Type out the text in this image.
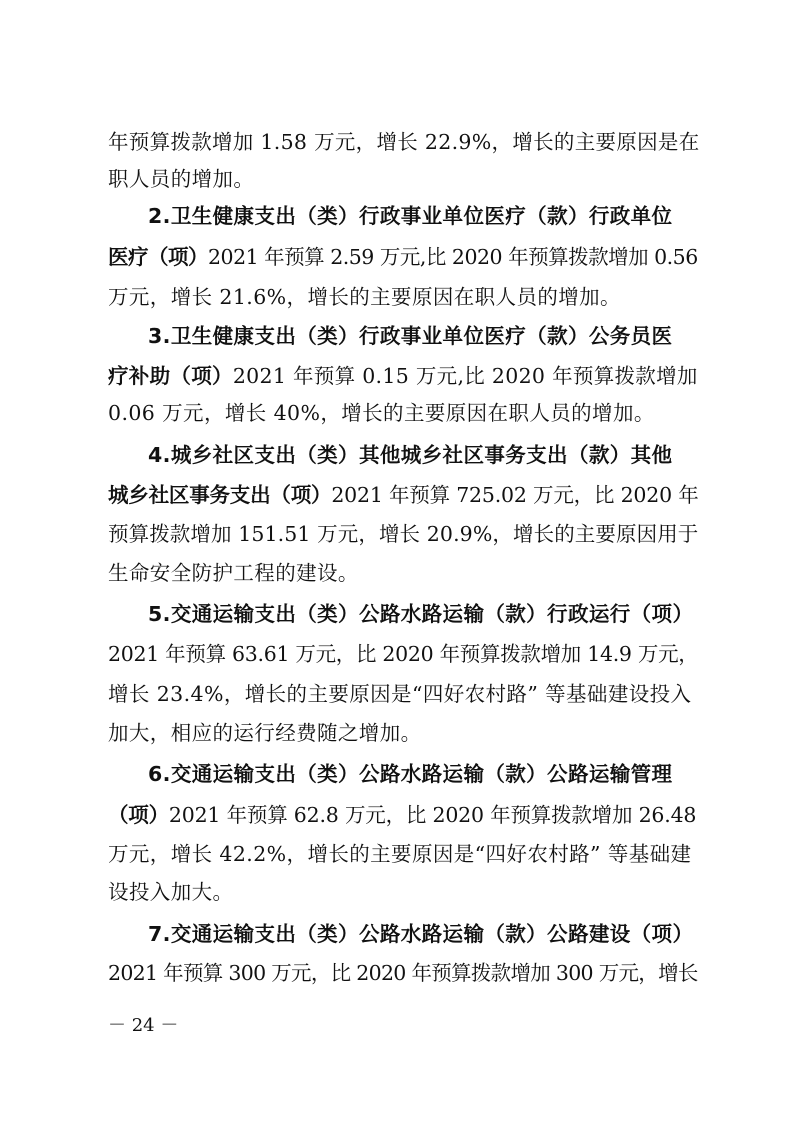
年预算拨款增加 1.58 万元，增长 22.9%，增长的主要原因是在
职人员的增加。
2.卫生健康支出（类）行政事业单位医疗（款）行政单位
医疗（项）2021 年预算 2.59 万元,比 2020 年预算拨款增加 0.56
万元，增长 21.6%，增长的主要原因在职人员的增加。
3.卫生健康支出（类）行政事业单位医疗（款）公务员医
疗补助（项）2021 年预算 0.15 万元,比 2020 年预算拨款增加
0.06 万元，增长 40%，增长的主要原因在职人员的增加。
4.城乡社区支出（类）其他城乡社区事务支出（款）其他
城乡社区事务支出（项）2021 年预算 725.02 万元，比 2020 年
预算拨款增加 151.51 万元，增长 20.9%，增长的主要原因用于
生命安全防护工程的建设。
5.交通运输支出（类）公路水路运输（款）行政运行（项）
2021 年预算 63.61 万元，比 2020 年预算拨款增加 14.9 万元，
增长 23.4%，增长的主要原因是“四好农村路” 等基础建设投入
加大，相应的运行经费随之增加。
6.交通运输支出（类）公路水路运输（款）公路运输管理
（项）2021 年预算 62.8 万元，比 2020 年预算拨款增加 26.48
万元，增长 42.2%，增长的主要原因是“四好农村路” 等基础建
设投入加大。
7.交通运输支出（类）公路水路运输（款）公路建设（项）
2021 年预算 300 万元，比 2020 年预算拨款增加 300 万元，增长
－ 24 －
